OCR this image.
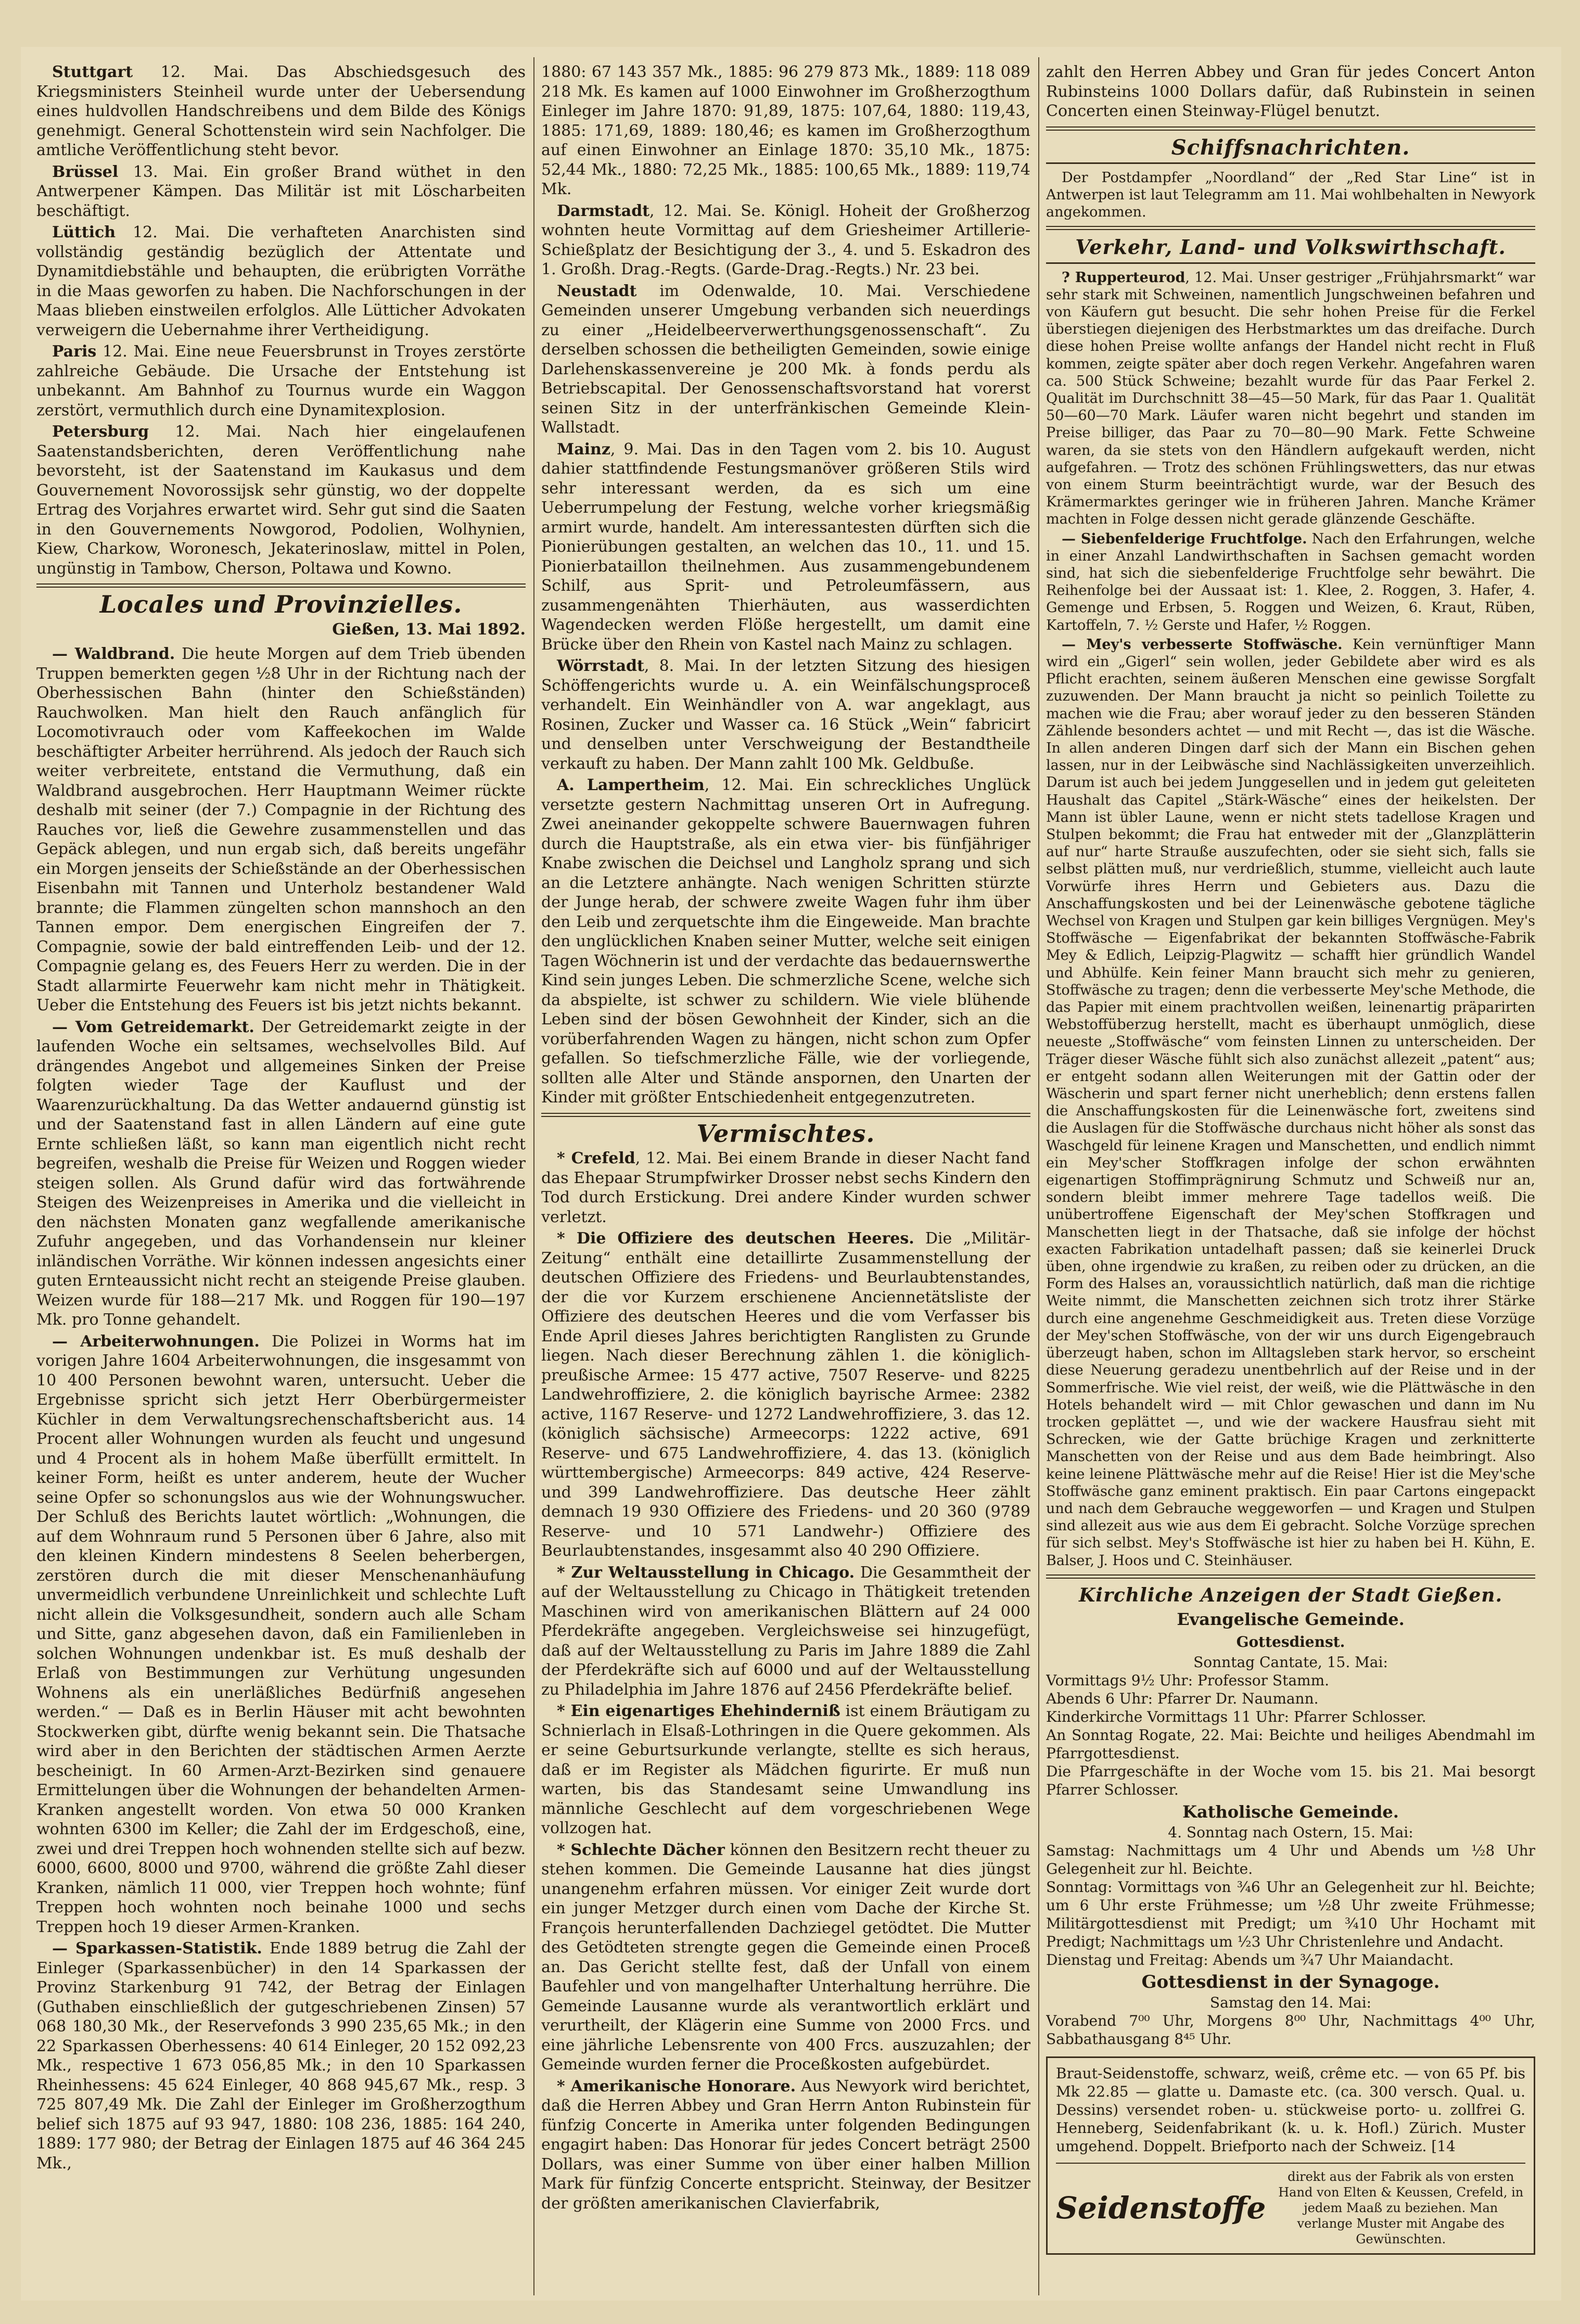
Stuttgart 12. Mai. Das Abschiedsgesuch des Kriegsministers Steinheil wurde unter der Uebersendung eines huldvollen Handschreibens und dem Bilde des Königs genehmigt. General Schottenstein wird sein Nachfolger. Die amtliche Veröffentlichung steht bevor.

Brüssel 13. Mai. Ein großer Brand wüthet in den Antwerpener Kämpen. Das Militär ist mit Löscharbeiten beschäftigt.

Lüttich 12. Mai. Die verhafteten Anarchisten sind vollständig geständig bezüglich der Attentate und Dynamitdiebstähle und behaupten, die erübrigten Vorräthe in die Maas geworfen zu haben. Die Nachforschungen in der Maas blieben einstweilen erfolglos. Alle Lütticher Advokaten verweigern die Uebernahme ihrer Vertheidigung.

Paris 12. Mai. Eine neue Feuersbrunst in Troyes zerstörte zahlreiche Gebäude. Die Ursache der Entstehung ist unbekannt. Am Bahnhof zu Tournus wurde ein Waggon zerstört, vermuthlich durch eine Dynamitexplosion.

Petersburg 12. Mai. Nach hier eingelaufenen Saatenstandsberichten, deren Veröffentlichung nahe bevorsteht, ist der Saatenstand im Kaukasus und dem Gouvernement Novorossijsk sehr günstig, wo der doppelte Ertrag des Vorjahres erwartet wird. Sehr gut sind die Saaten in den Gouvernements Nowgorod, Podolien, Wolhynien, Kiew, Charkow, Woronesch, Jekaterinoslaw, mittel in Polen, ungünstig in Tambow, Cherson, Poltawa und Kowno.

Locales und Provinzielles.
Gießen, 13. Mai 1892.

— Waldbrand. Die heute Morgen auf dem Trieb übenden Truppen bemerkten gegen ½8 Uhr in der Richtung nach der Oberhessischen Bahn (hinter den Schießständen) Rauchwolken. Man hielt den Rauch anfänglich für Locomotivrauch oder vom Kaffeekochen im Walde beschäftigter Arbeiter herrührend. Als jedoch der Rauch sich weiter verbreitete, entstand die Vermuthung, daß ein Waldbrand ausgebrochen. Herr Hauptmann Weimer rückte deshalb mit seiner (der 7.) Compagnie in der Richtung des Rauches vor, ließ die Gewehre zusammenstellen und das Gepäck ablegen, und nun ergab sich, daß bereits ungefähr ein Morgen jenseits der Schießstände an der Oberhessischen Eisenbahn mit Tannen und Unterholz bestandener Wald brannte; die Flammen züngelten schon mannshoch an den Tannen empor. Dem energischen Eingreifen der 7. Compagnie, sowie der bald eintreffenden Leib- und der 12. Compagnie gelang es, des Feuers Herr zu werden. Die in der Stadt allarmirte Feuerwehr kam nicht mehr in Thätigkeit. Ueber die Entstehung des Feuers ist bis jetzt nichts bekannt.

— Vom Getreidemarkt. Der Getreidemarkt zeigte in der laufenden Woche ein seltsames, wechselvolles Bild. Auf drängendes Angebot und allgemeines Sinken der Preise folgten wieder Tage der Kauflust und der Waarenzurückhaltung. Da das Wetter andauernd günstig ist und der Saatenstand fast in allen Ländern auf eine gute Ernte schließen läßt, so kann man eigentlich nicht recht begreifen, weshalb die Preise für Weizen und Roggen wieder steigen sollen. Als Grund dafür wird das fortwährende Steigen des Weizenpreises in Amerika und die vielleicht in den nächsten Monaten ganz wegfallende amerikanische Zufuhr angegeben, und das Vorhandensein nur kleiner inländischen Vorräthe. Wir können indessen angesichts einer guten Ernteaussicht nicht recht an steigende Preise glauben. Weizen wurde für 188—217 Mk. und Roggen für 190—197 Mk. pro Tonne gehandelt.

— Arbeiterwohnungen. Die Polizei in Worms hat im vorigen Jahre 1604 Arbeiterwohnungen, die insgesammt von 10 400 Personen bewohnt waren, untersucht. Ueber die Ergebnisse spricht sich jetzt Herr Oberbürgermeister Küchler in dem Verwaltungsrechenschaftsbericht aus. 14 Procent aller Wohnungen wurden als feucht und ungesund und 4 Procent als in hohem Maße überfüllt ermittelt. In keiner Form, heißt es unter anderem, heute der Wucher seine Opfer so schonungslos aus wie der Wohnungswucher. Der Schluß des Berichts lautet wörtlich: „Wohnungen, die auf dem Wohnraum rund 5 Personen über 6 Jahre, also mit den kleinen Kindern mindestens 8 Seelen beherbergen, zerstören durch die mit dieser Menschenanhäufung unvermeidlich verbundene Unreinlichkeit und schlechte Luft nicht allein die Volksgesundheit, sondern auch alle Scham und Sitte, ganz abgesehen davon, daß ein Familienleben in solchen Wohnungen undenkbar ist. Es muß deshalb der Erlaß von Bestimmungen zur Verhütung ungesunden Wohnens als ein unerläßliches Bedürfniß angesehen werden.“ — Daß es in Berlin Häuser mit acht bewohnten Stockwerken gibt, dürfte wenig bekannt sein. Die Thatsache wird aber in den Berichten der städtischen Armen Aerzte bescheinigt. In 60 Armen-Arzt-Bezirken sind genauere Ermittelungen über die Wohnungen der behandelten Armen-Kranken angestellt worden. Von etwa 50 000 Kranken wohnten 6300 im Keller; die Zahl der im Erdgeschoß, eine, zwei und drei Treppen hoch wohnenden stellte sich auf bezw. 6000, 6600, 8000 und 9700, während die größte Zahl dieser Kranken, nämlich 11 000, vier Treppen hoch wohnte; fünf Treppen hoch wohnten noch beinahe 1000 und sechs Treppen hoch 19 dieser Armen-Kranken.

— Sparkassen-Statistik. Ende 1889 betrug die Zahl der Einleger (Sparkassenbücher) in den 14 Sparkassen der Provinz Starkenburg 91 742, der Betrag der Einlagen (Guthaben einschließlich der gutgeschriebenen Zinsen) 57 068 180,30 Mk., der Reservefonds 3 990 235,65 Mk.; in den 22 Sparkassen Oberhessens: 40 614 Einleger, 20 152 092,23 Mk., respective 1 673 056,85 Mk.; in den 10 Sparkassen Rheinhessens: 45 624 Einleger, 40 868 945,67 Mk., resp. 3 725 807,49 Mk. Die Zahl der Einleger im Großherzogthum belief sich 1875 auf 93 947, 1880: 108 236, 1885: 164 240, 1889: 177 980; der Betrag der Einlagen 1875 auf 46 364 245 Mk.,

1880: 67 143 357 Mk., 1885: 96 279 873 Mk., 1889: 118 089 218 Mk. Es kamen auf 1000 Einwohner im Großherzogthum Einleger im Jahre 1870: 91,89, 1875: 107,64, 1880: 119,43, 1885: 171,69, 1889: 180,46; es kamen im Großherzogthum auf einen Einwohner an Einlage 1870: 35,10 Mk., 1875: 52,44 Mk., 1880: 72,25 Mk., 1885: 100,65 Mk., 1889: 119,74 Mk.

Darmstadt, 12. Mai. Se. Königl. Hoheit der Großherzog wohnten heute Vormittag auf dem Griesheimer Artillerie-Schießplatz der Besichtigung der 3., 4. und 5. Eskadron des 1. Großh. Drag.-Regts. (Garde-Drag.-Regts.) Nr. 23 bei.

Neustadt im Odenwalde, 10. Mai. Verschiedene Gemeinden unserer Umgebung verbanden sich neuerdings zu einer „Heidelbeerverwerthungsgenossenschaft“. Zu derselben schossen die betheiligten Gemeinden, sowie einige Darlehenskassenvereine je 200 Mk. à fonds perdu als Betriebscapital. Der Genossenschaftsvorstand hat vorerst seinen Sitz in der unterfränkischen Gemeinde Klein-Wallstadt.

Mainz, 9. Mai. Das in den Tagen vom 2. bis 10. August dahier stattfindende Festungsmanöver größeren Stils wird sehr interessant werden, da es sich um eine Ueberrumpelung der Festung, welche vorher kriegsmäßig armirt wurde, handelt. Am interessantesten dürften sich die Pionierübungen gestalten, an welchen das 10., 11. und 15. Pionierbataillon theilnehmen. Aus zusammengebundenem Schilf, aus Sprit- und Petroleumfässern, aus zusammengenähten Thierhäuten, aus wasserdichten Wagendecken werden Flöße hergestellt, um damit eine Brücke über den Rhein von Kastel nach Mainz zu schlagen.

Wörrstadt, 8. Mai. In der letzten Sitzung des hiesigen Schöffengerichts wurde u. A. ein Weinfälschungsproceß verhandelt. Ein Weinhändler von A. war angeklagt, aus Rosinen, Zucker und Wasser ca. 16 Stück „Wein“ fabricirt und denselben unter Verschweigung der Bestandtheile verkauft zu haben. Der Mann zahlt 100 Mk. Geldbuße.

A. Lampertheim, 12. Mai. Ein schreckliches Unglück versetzte gestern Nachmittag unseren Ort in Aufregung. Zwei aneinander gekoppelte schwere Bauernwagen fuhren durch die Hauptstraße, als ein etwa vier- bis fünfjähriger Knabe zwischen die Deichsel und Langholz sprang und sich an die Letztere anhängte. Nach wenigen Schritten stürzte der Junge herab, der schwere zweite Wagen fuhr ihm über den Leib und zerquetschte ihm die Eingeweide. Man brachte den unglücklichen Knaben seiner Mutter, welche seit einigen Tagen Wöchnerin ist und der verdachte das bedauernswerthe Kind sein junges Leben. Die schmerzliche Scene, welche sich da abspielte, ist schwer zu schildern. Wie viele blühende Leben sind der bösen Gewohnheit der Kinder, sich an die vorüberfahrenden Wagen zu hängen, nicht schon zum Opfer gefallen. So tiefschmerzliche Fälle, wie der vorliegende, sollten alle Alter und Stände anspornen, den Unarten der Kinder mit größter Entschiedenheit entgegenzutreten.

Vermischtes.

* Crefeld, 12. Mai. Bei einem Brande in dieser Nacht fand das Ehepaar Strumpfwirker Drosser nebst sechs Kindern den Tod durch Erstickung. Drei andere Kinder wurden schwer verletzt.

* Die Offiziere des deutschen Heeres. Die „Militär-Zeitung“ enthält eine detaillirte Zusammenstellung der deutschen Offiziere des Friedens- und Beurlaubtenstandes, der die vor Kurzem erschienene Anciennetätsliste der Offiziere des deutschen Heeres und die vom Verfasser bis Ende April dieses Jahres berichtigten Ranglisten zu Grunde liegen. Nach dieser Berechnung zählen 1. die königlich-preußische Armee: 15 477 active, 7507 Reserve- und 8225 Landwehroffiziere, 2. die königlich bayrische Armee: 2382 active, 1167 Reserve- und 1272 Landwehroffiziere, 3. das 12. (königlich sächsische) Armeecorps: 1222 active, 691 Reserve- und 675 Landwehroffiziere, 4. das 13. (königlich württembergische) Armeecorps: 849 active, 424 Reserve- und 399 Landwehroffiziere. Das deutsche Heer zählt demnach 19 930 Offiziere des Friedens- und 20 360 (9789 Reserve- und 10 571 Landwehr-) Offiziere des Beurlaubtenstandes, insgesammt also 40 290 Offiziere.

* Zur Weltausstellung in Chicago. Die Gesammtheit der auf der Weltausstellung zu Chicago in Thätigkeit tretenden Maschinen wird von amerikanischen Blättern auf 24 000 Pferdekräfte angegeben. Vergleichsweise sei hinzugefügt, daß auf der Weltausstellung zu Paris im Jahre 1889 die Zahl der Pferdekräfte sich auf 6000 und auf der Weltausstellung zu Philadelphia im Jahre 1876 auf 2456 Pferdekräfte belief.

* Ein eigenartiges Ehehinderniß ist einem Bräutigam zu Schnierlach in Elsaß-Lothringen in die Quere gekommen. Als er seine Geburtsurkunde verlangte, stellte es sich heraus, daß er im Register als Mädchen figurirte. Er muß nun warten, bis das Standesamt seine Umwandlung ins männliche Geschlecht auf dem vorgeschriebenen Wege vollzogen hat.

* Schlechte Dächer können den Besitzern recht theuer zu stehen kommen. Die Gemeinde Lausanne hat dies jüngst unangenehm erfahren müssen. Vor einiger Zeit wurde dort ein junger Metzger durch einen vom Dache der Kirche St. François herunterfallenden Dachziegel getödtet. Die Mutter des Getödteten strengte gegen die Gemeinde einen Proceß an. Das Gericht stellte fest, daß der Unfall von einem Baufehler und von mangelhafter Unterhaltung herrühre. Die Gemeinde Lausanne wurde als verantwortlich erklärt und verurtheilt, der Klägerin eine Summe von 2000 Frcs. und eine jährliche Lebensrente von 400 Frcs. auszuzahlen; der Gemeinde wurden ferner die Proceßkosten aufgebürdet.

* Amerikanische Honorare. Aus Newyork wird berichtet, daß die Herren Abbey und Gran Herrn Anton Rubinstein für fünfzig Concerte in Amerika unter folgenden Bedingungen engagirt haben: Das Honorar für jedes Concert beträgt 2500 Dollars, was einer Summe von über einer halben Million Mark für fünfzig Concerte entspricht. Steinway, der Besitzer der größten amerikanischen Clavierfabrik,

zahlt den Herren Abbey und Gran für jedes Concert Anton Rubinsteins 1000 Dollars dafür, daß Rubinstein in seinen Concerten einen Steinway-Flügel benutzt.

Schiffsnachrichten.

Der Postdampfer „Noordland“ der „Red Star Line“ ist in Antwerpen ist laut Telegramm am 11. Mai wohlbehalten in Newyork angekommen.

Verkehr, Land- und Volkswirthschaft.

? Rupperteurod, 12. Mai. Unser gestriger „Frühjahrsmarkt“ war sehr stark mit Schweinen, namentlich Jungschweinen befahren und von Käufern gut besucht. Die sehr hohen Preise für die Ferkel überstiegen diejenigen des Herbstmarktes um das dreifache. Durch diese hohen Preise wollte anfangs der Handel nicht recht in Fluß kommen, zeigte später aber doch regen Verkehr. Angefahren waren ca. 500 Stück Schweine; bezahlt wurde für das Paar Ferkel 2. Qualität im Durchschnitt 38—45—50 Mark, für das Paar 1. Qualität 50—60—70 Mark. Läufer waren nicht begehrt und standen im Preise billiger, das Paar zu 70—80—90 Mark. Fette Schweine waren, da sie stets von den Händlern aufgekauft werden, nicht aufgefahren. — Trotz des schönen Frühlingswetters, das nur etwas von einem Sturm beeinträchtigt wurde, war der Besuch des Krämermarktes geringer wie in früheren Jahren. Manche Krämer machten in Folge dessen nicht gerade glänzende Geschäfte.

— Siebenfelderige Fruchtfolge. Nach den Erfahrungen, welche in einer Anzahl Landwirthschaften in Sachsen gemacht worden sind, hat sich die siebenfelderige Fruchtfolge sehr bewährt. Die Reihenfolge bei der Aussaat ist: 1. Klee, 2. Roggen, 3. Hafer, 4. Gemenge und Erbsen, 5. Roggen und Weizen, 6. Kraut, Rüben, Kartoffeln, 7. ½ Gerste und Hafer, ½ Roggen.

— Mey's verbesserte Stoffwäsche. Kein vernünftiger Mann wird ein „Gigerl“ sein wollen, jeder Gebildete aber wird es als Pflicht erachten, seinem äußeren Menschen eine gewisse Sorgfalt zuzuwenden. Der Mann braucht ja nicht so peinlich Toilette zu machen wie die Frau; aber worauf jeder zu den besseren Ständen Zählende besonders achtet — und mit Recht —, das ist die Wäsche. In allen anderen Dingen darf sich der Mann ein Bischen gehen lassen, nur in der Leibwäsche sind Nachlässigkeiten unverzeihlich. Darum ist auch bei jedem Junggesellen und in jedem gut geleiteten Haushalt das Capitel „Stärk-Wäsche“ eines der heikelsten. Der Mann ist übler Laune, wenn er nicht stets tadellose Kragen und Stulpen bekommt; die Frau hat entweder mit der „Glanzplätterin auf nur“ harte Strauße auszufechten, oder sie sieht sich, falls sie selbst plätten muß, nur verdrießlich, stumme, vielleicht auch laute Vorwürfe ihres Herrn und Gebieters aus. Dazu die Anschaffungskosten und bei der Leinenwäsche gebotene tägliche Wechsel von Kragen und Stulpen gar kein billiges Vergnügen. Mey's Stoffwäsche — Eigenfabrikat der bekannten Stoffwäsche-Fabrik Mey & Edlich, Leipzig-Plagwitz — schafft hier gründlich Wandel und Abhülfe. Kein feiner Mann braucht sich mehr zu genieren, Stoffwäsche zu tragen; denn die verbesserte Mey'sche Methode, die das Papier mit einem prachtvollen weißen, leinenartig präparirten Webstoffüberzug herstellt, macht es überhaupt unmöglich, diese neueste „Stoffwäsche“ vom feinsten Linnen zu unterscheiden. Der Träger dieser Wäsche fühlt sich also zunächst allezeit „patent“ aus; er entgeht sodann allen Weiterungen mit der Gattin oder der Wäscherin und spart ferner nicht unerheblich; denn erstens fallen die Anschaffungskosten für die Leinenwäsche fort, zweitens sind die Auslagen für die Stoffwäsche durchaus nicht höher als sonst das Waschgeld für leinene Kragen und Manschetten, und endlich nimmt ein Mey'scher Stoffkragen infolge der schon erwähnten eigenartigen Stoffimprägnirung Schmutz und Schweiß nur an, sondern bleibt immer mehrere Tage tadellos weiß. Die unübertroffene Eigenschaft der Mey'schen Stoffkragen und Manschetten liegt in der Thatsache, daß sie infolge der höchst exacten Fabrikation untadelhaft passen; daß sie keinerlei Druck üben, ohne irgendwie zu kraßen, zu reiben oder zu drücken, an die Form des Halses an, voraussichtlich natürlich, daß man die richtige Weite nimmt, die Manschetten zeichnen sich trotz ihrer Stärke durch eine angenehme Geschmeidigkeit aus. Treten diese Vorzüge der Mey'schen Stoffwäsche, von der wir uns durch Eigengebrauch überzeugt haben, schon im Alltagsleben stark hervor, so erscheint diese Neuerung geradezu unentbehrlich auf der Reise und in der Sommerfrische. Wie viel reist, der weiß, wie die Plättwäsche in den Hotels behandelt wird — mit Chlor gewaschen und dann im Nu trocken geplättet —, und wie der wackere Hausfrau sieht mit Schrecken, wie der Gatte brüchige Kragen und zerknitterte Manschetten von der Reise und aus dem Bade heimbringt. Also keine leinene Plättwäsche mehr auf die Reise! Hier ist die Mey'sche Stoffwäsche ganz eminent praktisch. Ein paar Cartons eingepackt und nach dem Gebrauche weggeworfen — und Kragen und Stulpen sind allezeit aus wie aus dem Ei gebracht. Solche Vorzüge sprechen für sich selbst. Mey's Stoffwäsche ist hier zu haben bei H. Kühn, E. Balser, J. Hoos und C. Steinhäuser.

Kirchliche Anzeigen der Stadt Gießen.
Evangelische Gemeinde.
Gottesdienst.
Sonntag Cantate, 15. Mai:
Vormittags 9½ Uhr: Professor Stamm.
Abends 6 Uhr: Pfarrer Dr. Naumann.
Kinderkirche Vormittags 11 Uhr: Pfarrer Schlosser.
An Sonntag Rogate, 22. Mai: Beichte und heiliges Abendmahl im Pfarrgottesdienst.
Die Pfarrgeschäfte in der Woche vom 15. bis 21. Mai besorgt Pfarrer Schlosser.
Katholische Gemeinde.
4. Sonntag nach Ostern, 15. Mai:
Samstag: Nachmittags um 4 Uhr und Abends um ½8 Uhr Gelegenheit zur hl. Beichte.
Sonntag: Vormittags von ¾6 Uhr an Gelegenheit zur hl. Beichte; um 6 Uhr erste Frühmesse; um ½8 Uhr zweite Frühmesse; Militärgottesdienst mit Predigt; um ¾10 Uhr Hochamt mit Predigt; Nachmittags um ½3 Uhr Christenlehre und Andacht.
Dienstag und Freitag: Abends um ¾7 Uhr Maiandacht.
Gottesdienst in der Synagoge.
Samstag den 14. Mai:
Vorabend 7⁰⁰ Uhr, Morgens 8⁰⁰ Uhr, Nachmittags 4⁰⁰ Uhr, Sabbathausgang 8⁴⁵ Uhr.
Braut-Seidenstoffe, schwarz, weiß, crême etc. — von 65 Pf. bis Mk 22.85 — glatte u. Damaste etc. (ca. 300 versch. Qual. u. Dessins) versendet roben- u. stückweise porto- u. zollfrei G. Henneberg, Seidenfabrikant (k. u. k. Hofl.) Zürich. Muster umgehend. Doppelt. Briefporto nach der Schweiz. [14
Seidenstoffe
direkt aus der Fabrik als von ersten Hand von Elten & Keussen, Crefeld, in jedem Maaß zu beziehen. Man verlange Muster mit Angabe des Gewünschten.
